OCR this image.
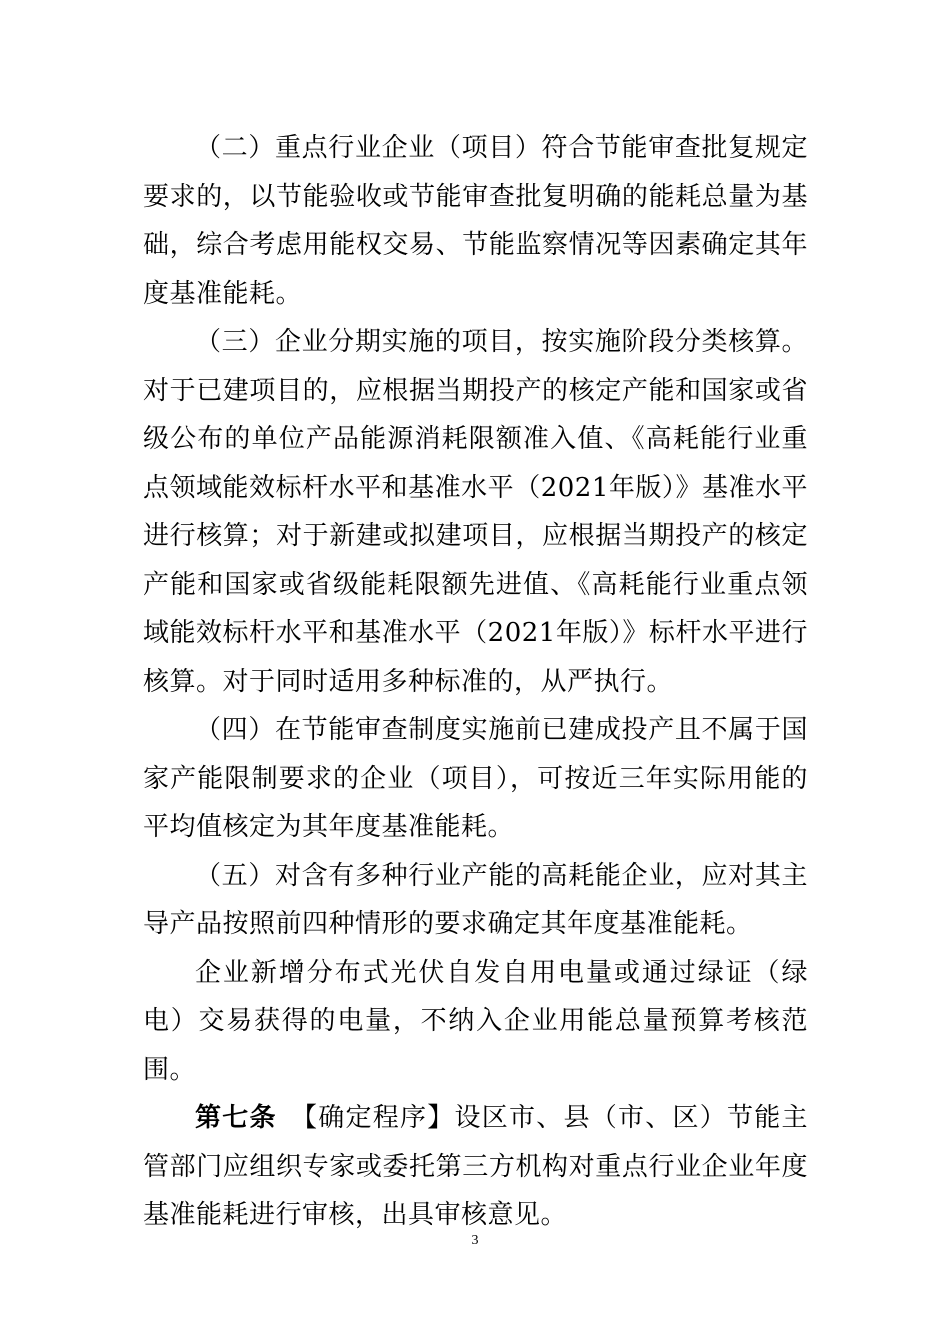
（二）重点行业企业（项目）符合节能审查批复规定要求的，以节能验收或节能审查批复明确的能耗总量为基础，综合考虑用能权交易、节能监察情况等因素确定其年度基准能耗。

（三）企业分期实施的项目，按实施阶段分类核算。对于已建项目的，应根据当期投产的核定产能和国家或省级公布的单位产品能源消耗限额准入值、《高耗能行业重点领域能效标杆水平和基准水平（2021年版）》基准水平进行核算；对于新建或拟建项目，应根据当期投产的核定产能和国家或省级能耗限额先进值、《高耗能行业重点领域能效标杆水平和基准水平（2021年版）》标杆水平进行核算。对于同时适用多种标准的，从严执行。

（四）在节能审查制度实施前已建成投产且不属于国家产能限制要求的企业（项目），可按近三年实际用能的平均值核定为其年度基准能耗。

（五）对含有多种行业产能的高耗能企业，应对其主导产品按照前四种情形的要求确定其年度基准能耗。

企业新增分布式光伏自发自用电量或通过绿证（绿电）交易获得的电量，不纳入企业用能总量预算考核范围。

第七条　 【确定程序】设区市、县（市、区）节能主管部门应组织专家或委托第三方机构对重点行业企业年度基准能耗进行审核，出具审核意见。

3
